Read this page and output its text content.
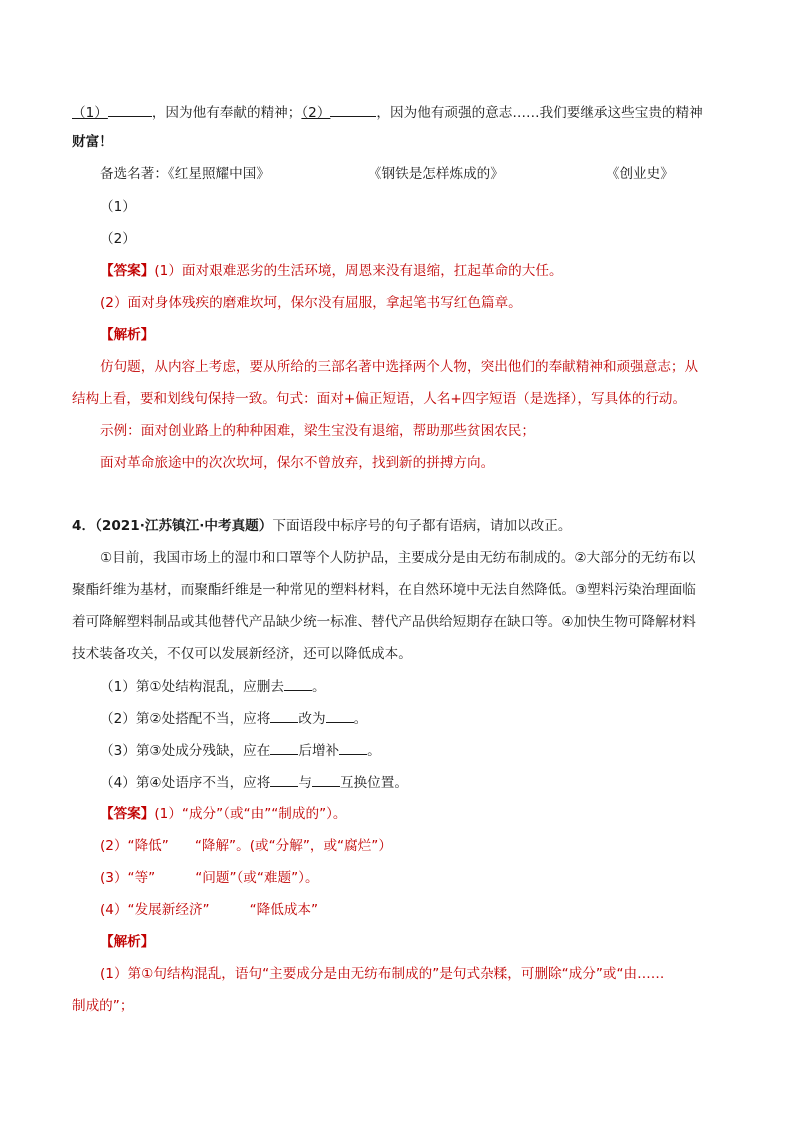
（1）	，因为他有奉献的精神；（2）	，因为他有顽强的意志……我们要继承这些宝贵的精神
财富！
备选名著：《红星照耀中国》	《钢铁是怎样炼成的》	《创业史》
（1）
（2）
【答案】(1）面对艰难恶劣的生活环境，周恩来没有退缩，扛起革命的大任。
(2）面对身体残疾的磨难坎坷，保尔没有屈服，拿起笔书写红色篇章。
【解析】
仿句题，从内容上考虑，要从所给的三部名著中选择两个人物，突出他们的奉献精神和顽强意志；从
结构上看，要和划线句保持一致。句式：面对+偏正短语，人名+四字短语（是选择），写具体的行动。
示例：面对创业路上的种种困难，梁生宝没有退缩，帮助那些贫困农民；
面对革命旅途中的次次坎坷，保尔不曾放弃，找到新的拼搏方向。
4．（2021·江苏镇江·中考真题）下面语段中标序号的句子都有语病，请加以改正。
①目前，我国市场上的湿巾和口罩等个人防护品，主要成分是由无纺布制成的。②大部分的无纺布以
聚酯纤维为基材，而聚酯纤维是一种常见的塑料材料，在自然环境中无法自然降低。③塑料污染治理面临
着可降解塑料制品或其他替代产品缺少统一标准、替代产品供给短期存在缺口等。④加快生物可降解材料
技术装备攻关，不仅可以发展新经济，还可以降低成本。
（1）第①处结构混乱，应删去 。
（2）第②处搭配不当，应将 改为 。
（3）第③处成分残缺，应在 后增补 。
（4）第④处语序不当，应将 与 互换位置。
【答案】(1）“成分”（或“由”“制成的”）。
(2）“降低” “降解”。(或“分解”，或“腐烂”）
(3）“等”	“问题”（或“难题”）。
(4）“发展新经济”	“降低成本”
【解析】
(1）第①句结构混乱，语句“主要成分是由无纺布制成的”是句式杂糅，可删除“成分”或“由……
制成的”；
